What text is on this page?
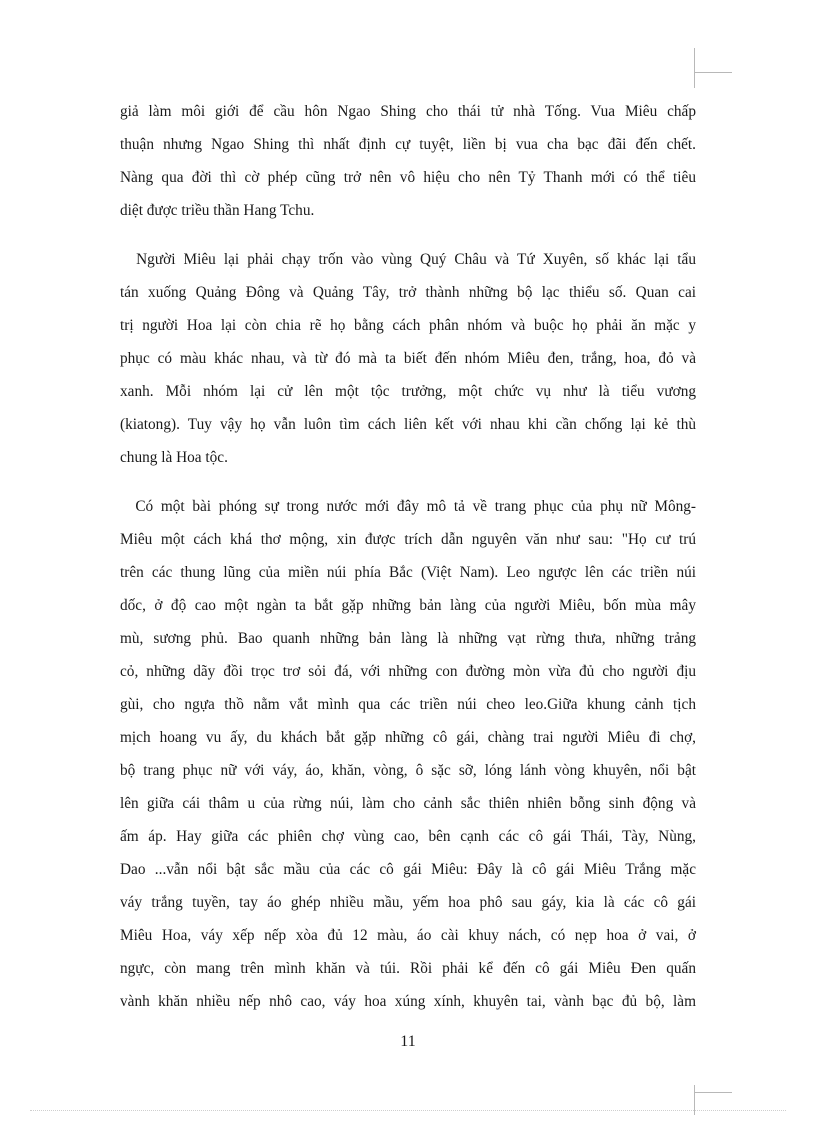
giả làm môi giới để cầu hôn Ngao Shing cho thái tử nhà Tống. Vua Miêu chấp
thuận nhưng Ngao Shing thì nhất định cự tuyệt, liền bị vua cha bạc đãi đến chết.
Nàng qua đời thì cờ phép cũng trở nên vô hiệu cho nên Tỷ Thanh mới có thể tiêu
diệt được triều thần Hang Tchu.
Người Miêu lại phải chạy trốn vào vùng Quý Châu và Tứ Xuyên, số khác lại tẩu
tán xuống Quảng Đông và Quảng Tây, trở thành những bộ lạc thiểu số. Quan cai
trị người Hoa lại còn chia rẽ họ bằng cách phân nhóm và buộc họ phải ăn mặc y
phục có màu khác nhau, và từ đó mà ta biết đến nhóm Miêu đen, trắng, hoa, đỏ và
xanh. Mỗi nhóm lại cử lên một tộc trưởng, một chức vụ như là tiểu vương
(kiatong). Tuy vậy họ vẫn luôn tìm cách liên kết với nhau khi cần chống lại kẻ thù
chung là Hoa tộc.
Có một bài phóng sự trong nước mới đây mô tả về trang phục của phụ nữ Mông-
Miêu một cách khá thơ mộng, xin được trích dẫn nguyên văn như sau: "Họ cư trú
trên các thung lũng của miền núi phía Bắc (Việt Nam). Leo ngược lên các triền núi
dốc, ở độ cao một ngàn ta bắt gặp những bản làng của người Miêu, bốn mùa mây
mù, sương phủ. Bao quanh những bản làng là những vạt rừng thưa, những trảng
cỏ, những dãy đồi trọc trơ sỏi đá, với những con đường mòn vừa đủ cho người địu
gùi, cho ngựa thồ nằm vắt mình qua các triền núi cheo leo.Giữa khung cảnh tịch
mịch hoang vu ấy, du khách bắt gặp những cô gái, chàng trai người Miêu đi chợ,
bộ trang phục nữ với váy, áo, khăn, vòng, ô sặc sỡ, lóng lánh vòng khuyên, nổi bật
lên giữa cái thâm u của rừng núi, làm cho cảnh sắc thiên nhiên bỗng sinh động và
ấm áp. Hay giữa các phiên chợ vùng cao, bên cạnh các cô gái Thái, Tày, Nùng,
Dao ...vẫn nổi bật sắc mầu của các cô gái Miêu: Đây là cô gái Miêu Trắng mặc
váy trắng tuyền, tay áo ghép nhiều mầu, yếm hoa phô sau gáy, kia là các cô gái
Miêu Hoa, váy xếp nếp xòa đủ 12 màu, áo cài khuy nách, có nẹp hoa ở vai, ở
ngực, còn mang trên mình khăn và túi. Rồi phải kể đến cô gái Miêu Đen quấn
vành khăn nhiều nếp nhô cao, váy hoa xúng xính, khuyên tai, vành bạc đủ bộ, làm
11
